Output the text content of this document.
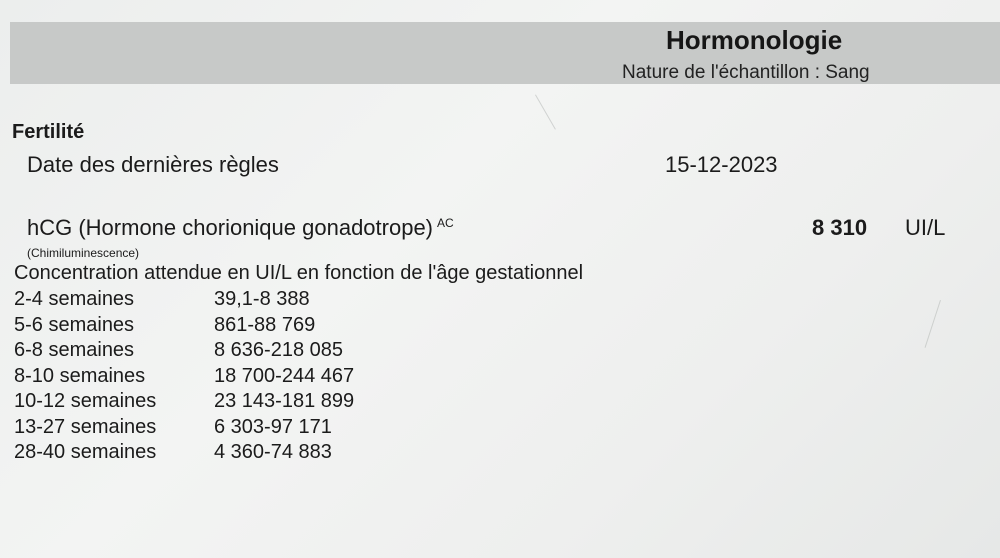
Hormonologie
Nature de l'échantillon : Sang
Fertilité
Date des dernières règles	15-12-2023
hCG (Hormone chorionique gonadotrope) $^{AC}$	8 310 UI/L
(Chimiluminescence)
Concentration attendue en UI/L en fonction de l'âge gestationnel
2-4 semaines	39,1-8 388
5-6 semaines	861-88 769
6-8 semaines	8 636-218 085
8-10 semaines	18 700-244 467
10-12 semaines	23 143-181 899
13-27 semaines	6 303-97 171
28-40 semaines	4 360-74 883
